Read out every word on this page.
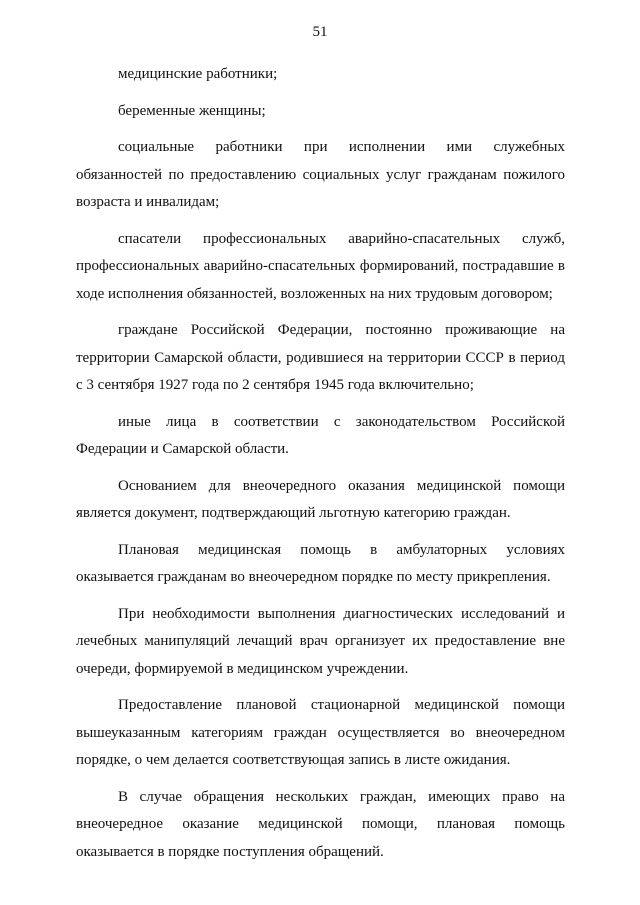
51

медицинские работники;

беременные женщины;

социальные работники при исполнении ими служебных обязанностей по предоставлению социальных услуг гражданам пожилого возраста и инвалидам;

спасатели профессиональных аварийно-спасательных служб, профессиональных аварийно-спасательных формирований, пострадавшие в ходе исполнения обязанностей, возложенных на них трудовым договором;

граждане Российской Федерации, постоянно проживающие на территории Самарской области, родившиеся на территории СССР в период с 3 сентября 1927 года по 2 сентября 1945 года включительно;

иные лица в соответствии с законодательством Российской Федерации и Самарской области.

Основанием для внеочередного оказания медицинской помощи является документ, подтверждающий льготную категорию граждан.

Плановая медицинская помощь в амбулаторных условиях оказывается гражданам во внеочередном порядке по месту прикрепления.

При необходимости выполнения диагностических исследований и лечебных манипуляций лечащий врач организует их предоставление вне очереди, формируемой в медицинском учреждении.

Предоставление плановой стационарной медицинской помощи вышеуказанным категориям граждан осуществляется во внеочередном порядке, о чем делается соответствующая запись в листе ожидания.

В случае обращения нескольких граждан, имеющих право на внеочередное оказание медицинской помощи, плановая помощь оказывается в порядке поступления обращений.
